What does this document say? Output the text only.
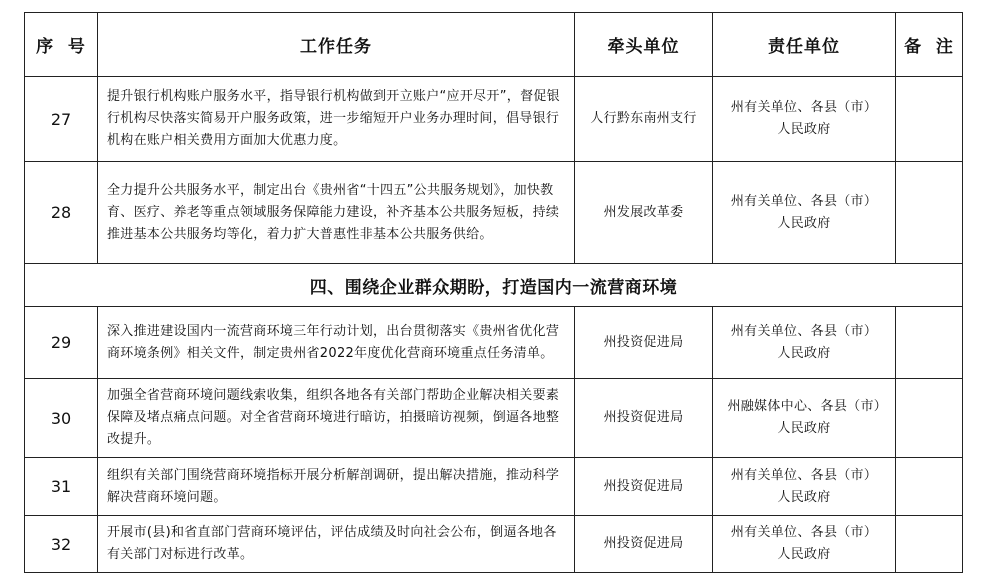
序  号	工作任务	牵头单位	责任单位	备  注
27	提升银行机构账户服务水平，指导银行机构做到开立账户“应开尽开”，督促银行机构尽快落实简易开户服务政策，进一步缩短开户业务办理时间，倡导银行机构在账户相关费用方面加大优惠力度。	人行黔东南州支行	州有关单位、各县（市）人民政府	
28	全力提升公共服务水平，制定出台《贵州省“十四五”公共服务规划》，加快教育、医疗、养老等重点领域服务保障能力建设，补齐基本公共服务短板，持续推进基本公共服务均等化，着力扩大普惠性非基本公共服务供给。	州发展改革委	州有关单位、各县（市）人民政府	
四、围绕企业群众期盼，打造国内一流营商环境				
29	深入推进建设国内一流营商环境三年行动计划，出台贯彻落实《贵州省优化营商环境条例》相关文件，制定贵州省2022年度优化营商环境重点任务清单。	州投资促进局	州有关单位、各县（市）人民政府	
30	加强全省营商环境问题线索收集，组织各地各有关部门帮助企业解决相关要素保障及堵点痛点问题。对全省营商环境进行暗访，拍摄暗访视频，倒逼各地整改提升。	州投资促进局	州融媒体中心、各县（市）人民政府	
31	组织有关部门围绕营商环境指标开展分析解剖调研，提出解决措施，推动科学解决营商环境问题。	州投资促进局	州有关单位、各县（市）人民政府	
32	开展市(县)和省直部门营商环境评估，评估成绩及时向社会公布，倒逼各地各有关部门对标进行改革。	州投资促进局	州有关单位、各县（市）人民政府	
